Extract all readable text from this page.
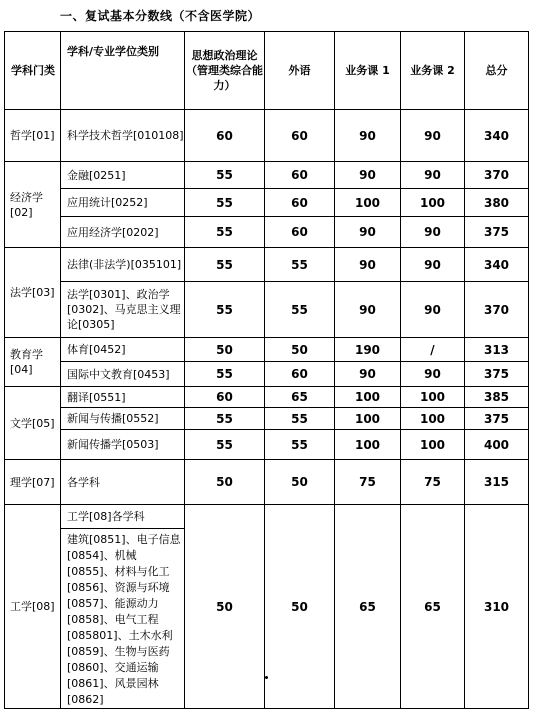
一、复试基本分数线（不含医学院）
学科门类	学科/专业学位类别	思想政治理论（管理类综合能力）	外语	业务课 1	业务课 2	总分
哲学[01]	科学技术哲学[010108]	60	60	90	90	340
经济学[02]	金融[0251]	55	60	90	90	370
	应用统计[0252]	55	60	100	100	380
	应用经济学[0202]	55	60	90	90	375
法学[03]	法律(非法学)[035101]	55	55	90	90	340
	法学[0301]、政治学[0302]、马克思主义理论[0305]	55	55	90	90	370
教育学[04]	体育[0452]	50	50	190	/	313
	国际中文教育[0453]	55	60	90	90	375
文学[05]	翻译[0551]	60	65	100	100	385
	新闻与传播[0552]	55	55	100	100	375
	新闻传播学[0503]	55	55	100	100	400
理学[07]	各学科	50	50	75	75	315
工学[08]	工学[08]各学科	50	50	65	65	310
	建筑[0851]、电子信息[0854]、机械[0855]、材料与化工[0856]、资源与环境[0857]、能源动力[0858]、电气工程[085801]、土木水利[0859]、生物与医药[0860]、交通运输[0861]、风景园林[0862]					
